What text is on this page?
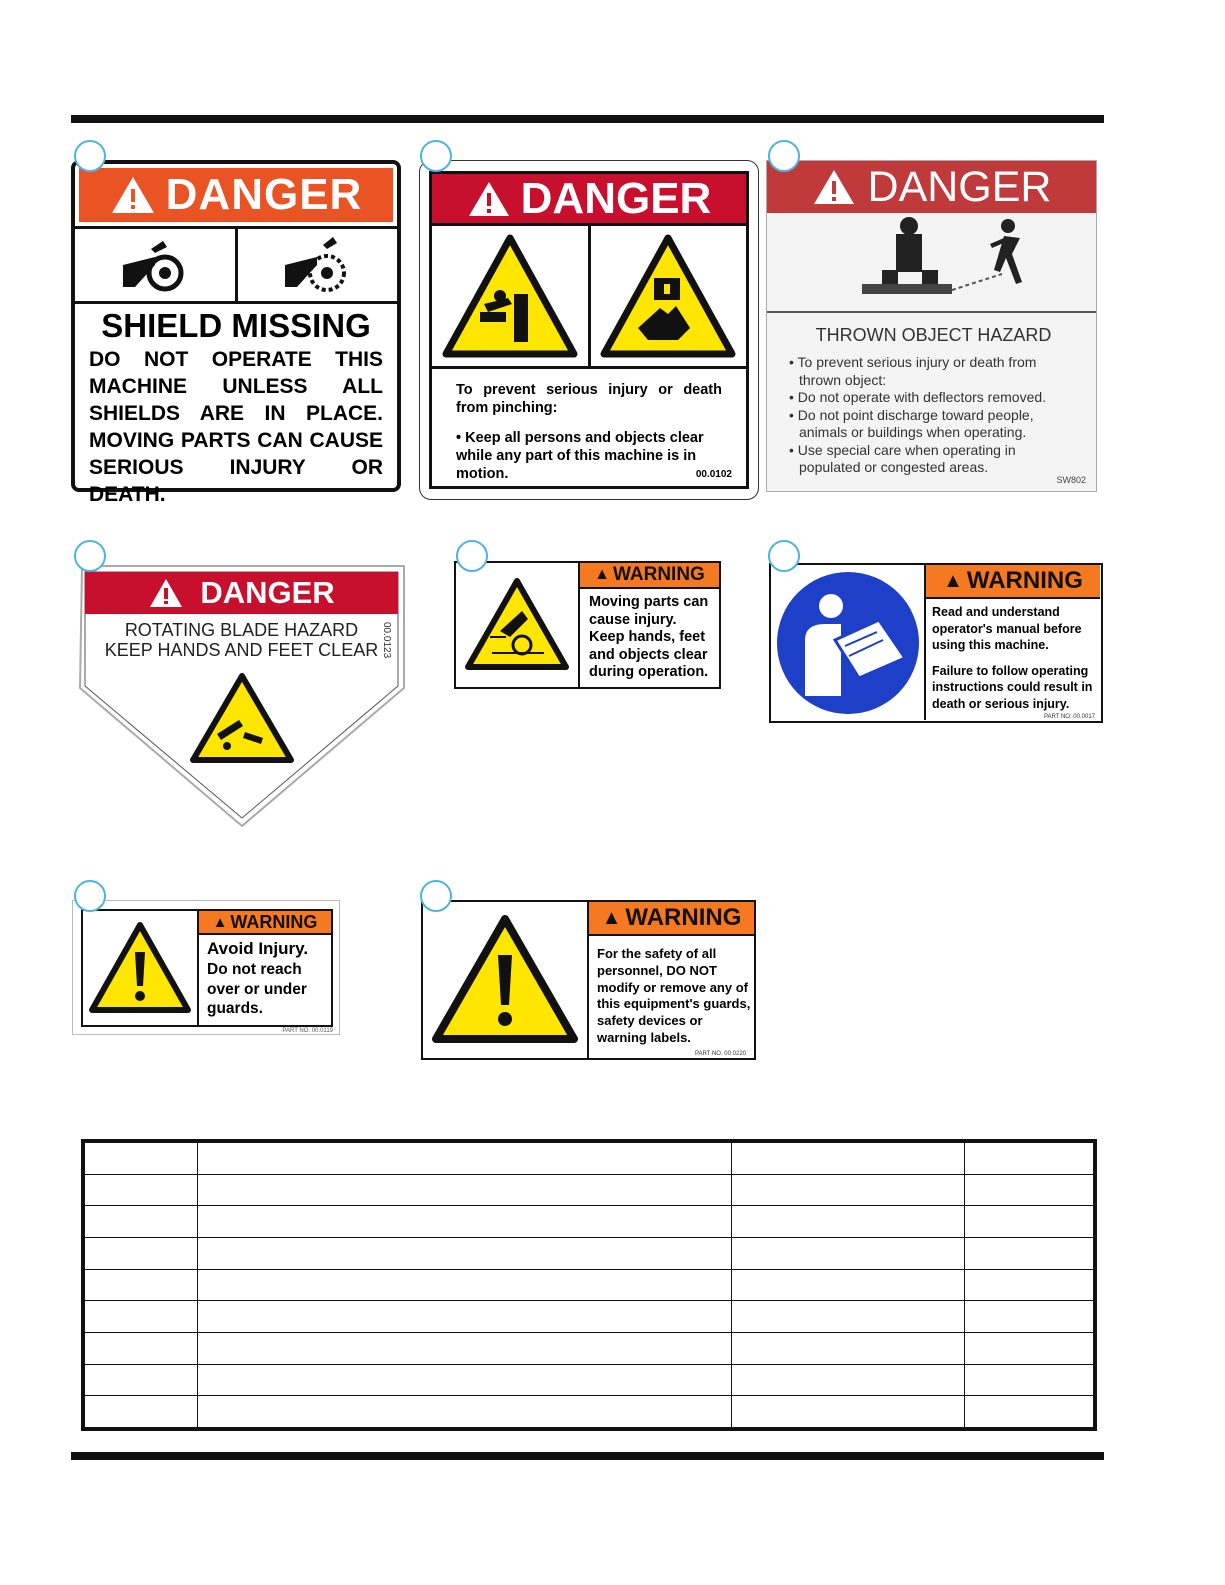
DANGER
SHIELD MISSING
DO NOT OPERATE THIS
MACHINE UNLESS ALL
SHIELDS ARE IN PLACE.
MOVING PARTS CAN CAUSE
SERIOUS INJURY OR DEATH.
DANGER
To prevent serious injury or death from pinching:
• Keep all persons and objects clear while any part of this machine is in motion.	00.0102
DANGER
THROWN OBJECT HAZARD
• To prevent serious injury or death from thrown object:
• Do not operate with deflectors removed.
• Do not point discharge toward people, animals or buildings when operating.
• Use special care when operating in populated or congested areas.
SW802
DANGER
ROTATING BLADE HAZARD
KEEP HANDS AND FEET CLEAR 00.0123
▲ WARNING
Moving parts can cause injury. Keep hands, feet and objects clear during operation.
▲ WARNING
Read and understand operator's manual before using this machine.
Failure to follow operating instructions could result in death or serious injury.
PART NO. 00.0017
▲ WARNING
Avoid Injury.
Do not reach over or under guards.
PART NO. 00.0119
▲ WARNING
For the safety of all personnel, DO NOT modify or remove any of this equipment's guards, safety devices or warning labels.
PART NO. 00.0220
